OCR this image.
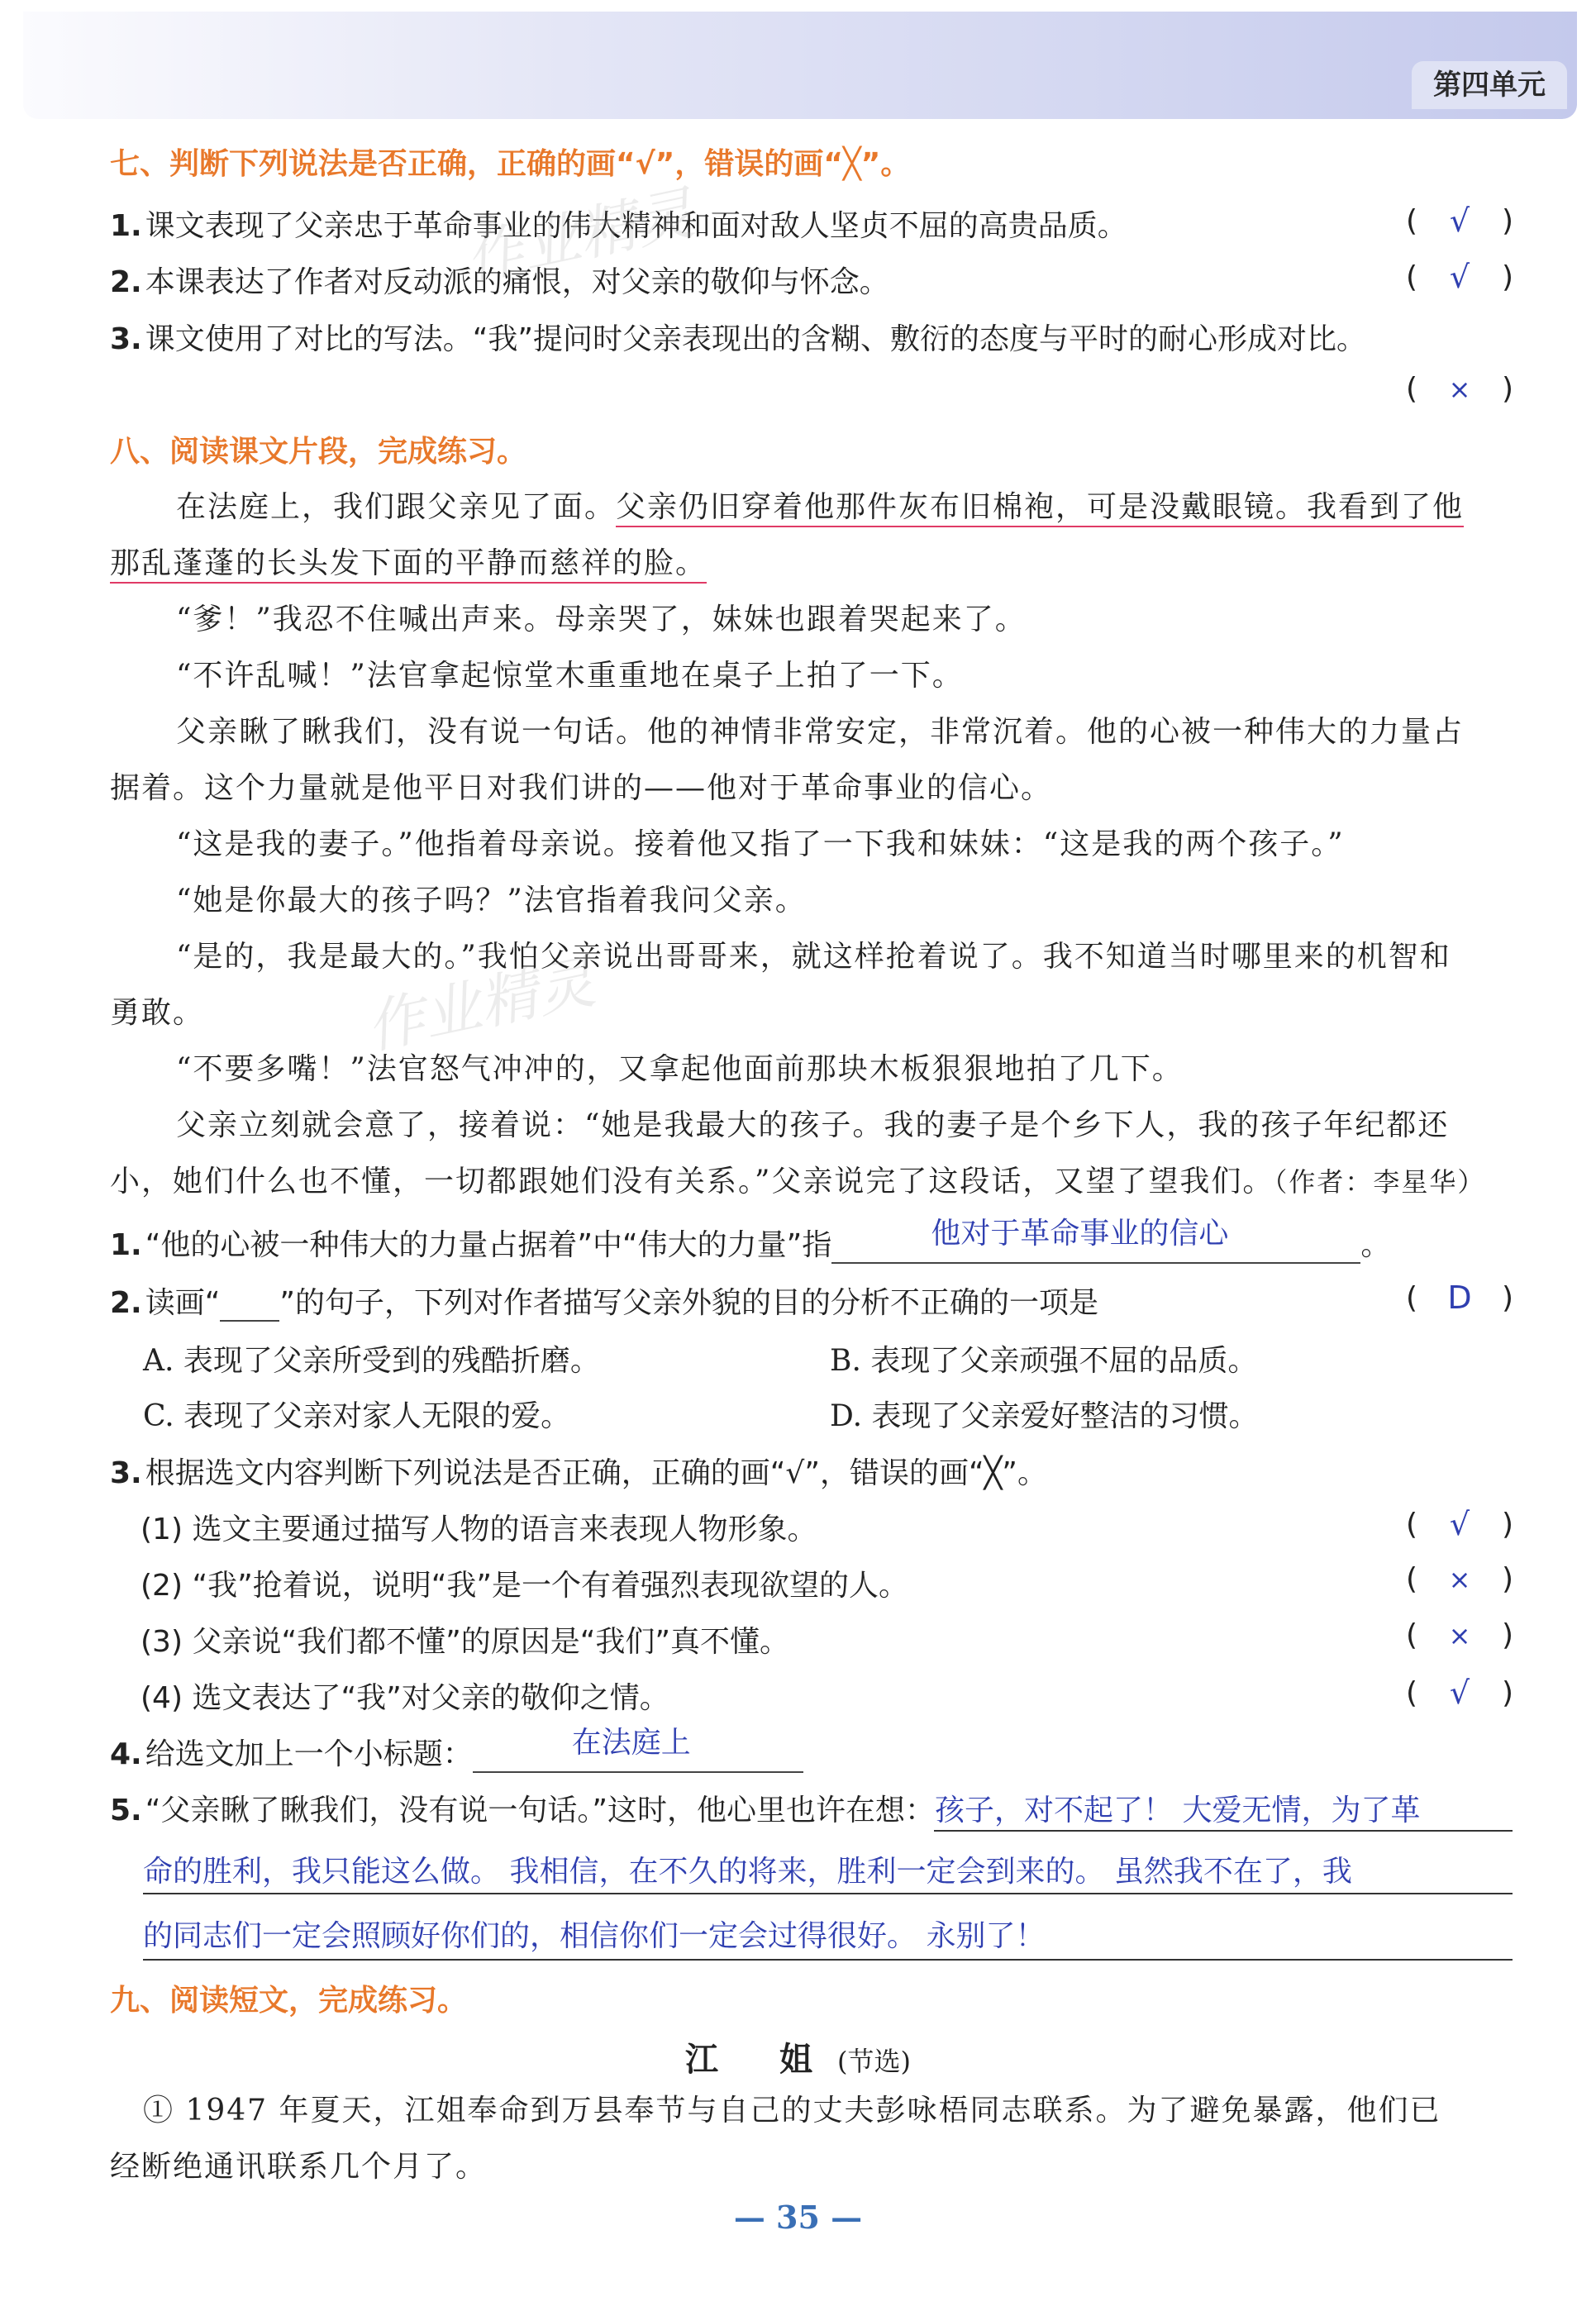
第四单元
七、判断下列说法是否正确，正确的画“√”，错误的画“╳”。
1. 课文表现了父亲忠于革命事业的伟大精神和面对敌人坚贞不屈的高贵品质。	(	√	)
2. 本课表达了作者对反动派的痛恨，对父亲的敬仰与怀念。	(	√	)
3. 课文使用了对比的写法。“我”提问时父亲表现出的含糊、敷衍的态度与平时的耐心形成对比。
(	×	)
八、阅读课文片段，完成练习。
在法庭上，我们跟父亲见了面。父亲仍旧穿着他那件灰布旧棉袍，可是没戴眼镜。我看到了他
那乱蓬蓬的长头发下面的平静而慈祥的脸。
“爹！”我忍不住喊出声来。母亲哭了，妹妹也跟着哭起来了。
“不许乱喊！”法官拿起惊堂木重重地在桌子上拍了一下。
父亲瞅了瞅我们，没有说一句话。他的神情非常安定，非常沉着。他的心被一种伟大的力量占
据着。这个力量就是他平日对我们讲的——他对于革命事业的信心。
“这是我的妻子。”他指着母亲说。接着他又指了一下我和妹妹：“这是我的两个孩子。”
“她是你最大的孩子吗？”法官指着我问父亲。
“是的，我是最大的。”我怕父亲说出哥哥来，就这样抢着说了。我不知道当时哪里来的机智和
勇敢。
“不要多嘴！”法官怒气冲冲的，又拿起他面前那块木板狠狠地拍了几下。
父亲立刻就会意了，接着说：“她是我最大的孩子。我的妻子是个乡下人，我的孩子年纪都还
小，她们什么也不懂，一切都跟她们没有关系。”父亲说完了这段话，又望了望我们。（作者：李星华）
1. “他的心被一种伟大的力量占据着”中“伟大的力量”指	他对于革命事业的信心	。
2. 读画“ ”的句子，下列对作者描写父亲外貌的目的分析不正确的一项是	( D	)
A. 表现了父亲所受到的残酷折磨。	B. 表现了父亲顽强不屈的品质。
C. 表现了父亲对家人无限的爱。	D. 表现了父亲爱好整洁的习惯。
3. 根据选文内容判断下列说法是否正确，正确的画“√”，错误的画“╳”。
(1) 选文主要通过描写人物的语言来表现人物形象。	(	√	)
(2) “我”抢着说，说明“我”是一个有着强烈表现欲望的人。	(	×	)
(3) 父亲说“我们都不懂”的原因是“我们”真不懂。	(	×	)
(4) 选文表达了“我”对父亲的敬仰之情。	(	√	)
4. 给选文加上一个小标题：	在法庭上
5. “父亲瞅了瞅我们，没有说一句话。”这时，他心里也许在想：孩子，对不起了！ 大爱无情，为了革
命的胜利，我只能这么做。 我相信，在不久的将来，胜利一定会到来的。 虽然我不在了，我
的同志们一定会照顾好你们的，相信你们一定会过得很好。 永别了！
九、阅读短文，完成练习。
江 姐(节选)
① 1947 年夏天，江姐奉命到万县奉节与自己的丈夫彭咏梧同志联系。为了避免暴露，他们已
经断绝通讯联系几个月了。
— 35 —
作业精灵
作业精灵
